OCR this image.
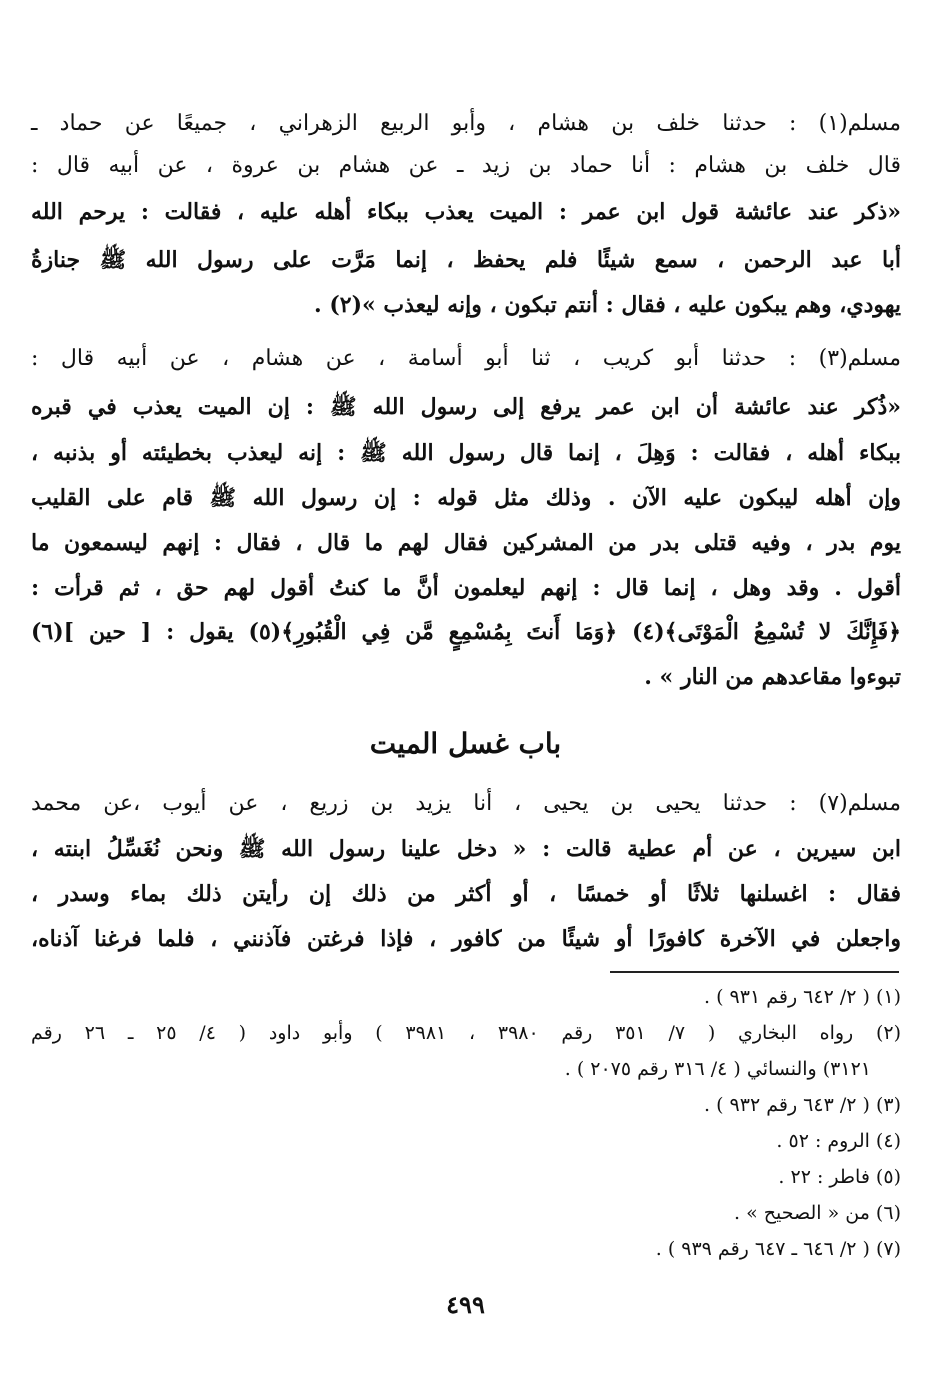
مسلم(١) : حدثنا خلف بن هشام ، وأبو الربيع الزهراني ، جميعًا عن حماد ـ
قال خلف بن هشام : أنا حماد بن زيد ـ عن هشام بن عروة ، عن أبيه قال :
«ذكر عند عائشة قول ابن عمر : الميت يعذب ببكاء أهله عليه ، فقالت : يرحم الله
أبا عبد الرحمن ، سمع شيئًا فلم يحفظ ، إنما مَرَّت على رسول الله ﷺ جنازةُ
يهودي، وهم يبكون عليه ، فقال : أنتم تبكون ، وإنه ليعذب »(٢) .
مسلم(٣) : حدثنا أبو كريب ، ثنا أبو أسامة ، عن هشام ، عن أبيه قال :
«ذُكر عند عائشة أن ابن عمر يرفع إلى رسول الله ﷺ : إن الميت يعذب في قبره
ببكاء أهله ، فقالت : وَهِلَ ، إنما قال رسول الله ﷺ : إنه ليعذب بخطيئته أو بذنبه ،
وإن أهله ليبكون عليه الآن . وذلك مثل قوله : إن رسول الله ﷺ قام على القليب
يوم بدر ، وفيه قتلى بدر من المشركين فقال لهم ما قال ، فقال : إنهم ليسمعون ما
أقول . وقد وهل ، إنما قال : إنهم ليعلمون أنَّ ما كنتُ أقول لهم حق ، ثم قرأت :
﴿فَإِنَّكَ لا تُسْمِعُ الْمَوْتَى﴾(٤) ﴿وَمَا أَنتَ بِمُسْمِعٍ مَّن فِي الْقُبُورِ﴾(٥) يقول : [ حين ](٦)
تبوءوا مقاعدهم من النار » .
باب غسل الميت
مسلم(٧) : حدثنا يحيى بن يحيى ، أنا يزيد بن زريع ، عن أيوب ،عن محمد
ابن سيرين ، عن أم عطية قالت : « دخل علينا رسول الله ﷺ ونحن نُغَسِّلُ ابنته ،
فقال : اغسلنها ثلاثًا أو خمسًا ، أو أكثر من ذلك إن رأيتن ذلك بماء وسدر ،
واجعلن في الآخرة كافورًا أو شيئًا من كافور ، فإذا فرغتن فآذنني ، فلما فرغنا آذناه،
(١) ( ٢/ ٦٤٢ رقم ٩٣١ ) .
(٢) رواه البخاري ( ٧/ ٣٥١ رقم ٣٩٨٠ ، ٣٩٨١ ) وأبو داود ( ٤/ ٢٥ ـ ٢٦ رقم
٣١٢١) والنسائي ( ٤/ ٣١٦ رقم ٢٠٧٥ ) .
(٣) ( ٢/ ٦٤٣ رقم ٩٣٢ ) .
(٤) الروم : ٥٢ .
(٥) فاطر : ٢٢ .
(٦) من « الصحيح » .
(٧) ( ٢/ ٦٤٦ ـ ٦٤٧ رقم ٩٣٩ ) .
٤٩٩
